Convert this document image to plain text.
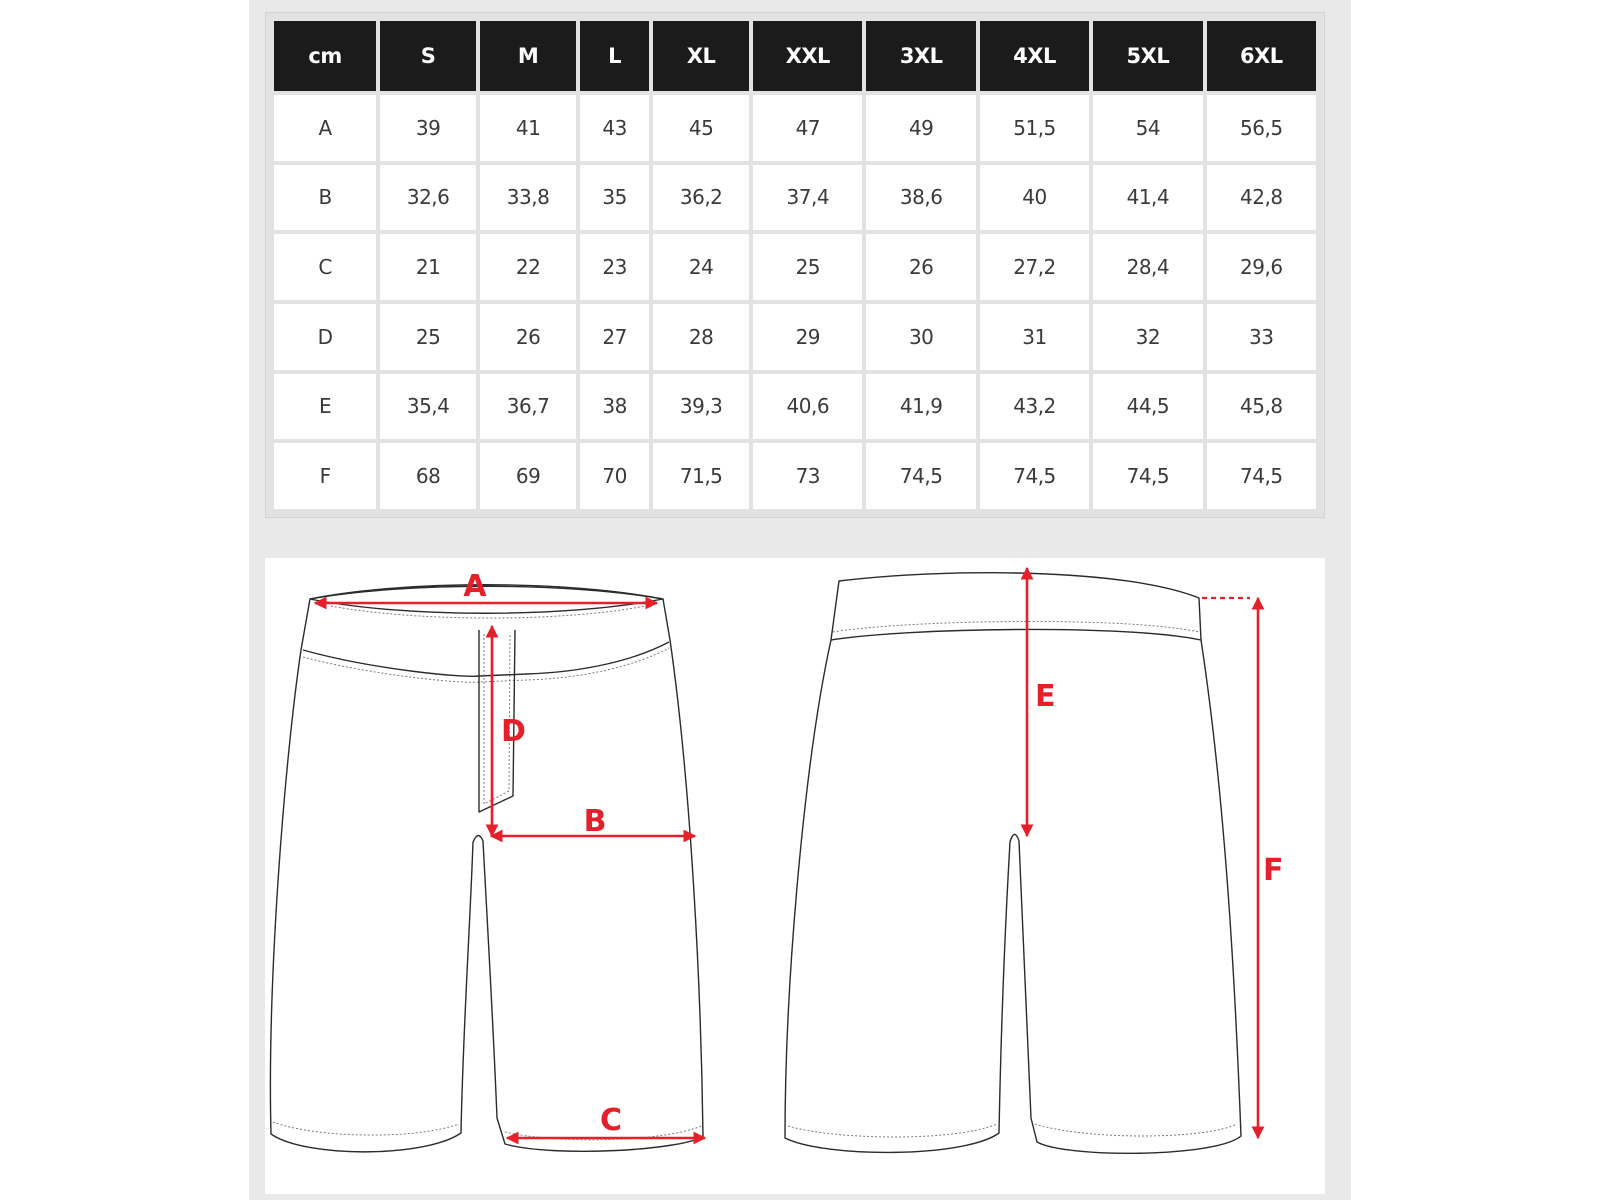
cm	S	M	L	XL	XXL	3XL	4XL	5XL	6XL
A	39	41	43	45	47	49	51,5	54	56,5
B	32,6	33,8	35	36,2	37,4	38,6	40	41,4	42,8
C	21	22	23	24	25	26	27,2	28,4	29,6
D	25	26	27	28	29	30	31	32	33
E	35,4	36,7	38	39,3	40,6	41,9	43,2	44,5	45,8
F	68	69	70	71,5	73	74,5	74,5	74,5	74,5
A
D
B
C
E
F
